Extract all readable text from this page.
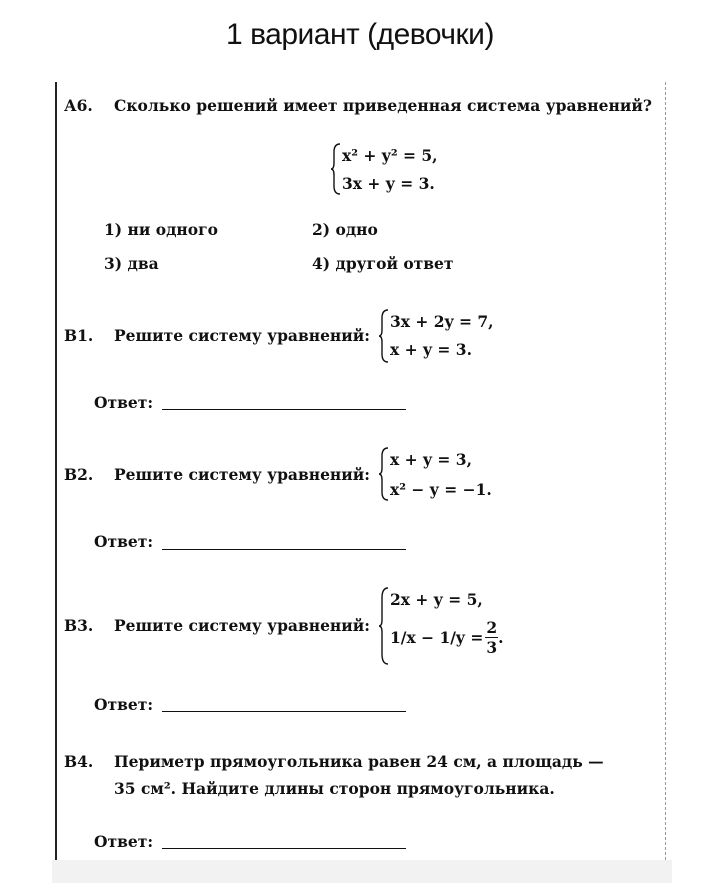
1 вариант (девочки)
А6. Сколько решений имеет приведенная система уравнений?
x² + y² = 5,
3x + y = 3.
1) ни одного	2) одно
3) два	4) другой ответ
В1. Решите систему уравнений:
3x + 2y = 7,
x + y = 3.
Ответ:
В2. Решите систему уравнений:
x + y = 3,
x² − y = −1.
Ответ:
В3. Решите систему уравнений:
2x + y = 5,
$1/x - 1/y = \frac{2}{3}$ .
Ответ:
В4. Периметр прямоугольника равен 24 см, а площадь —
35 см². Найдите длины сторон прямоугольника.
Ответ:
